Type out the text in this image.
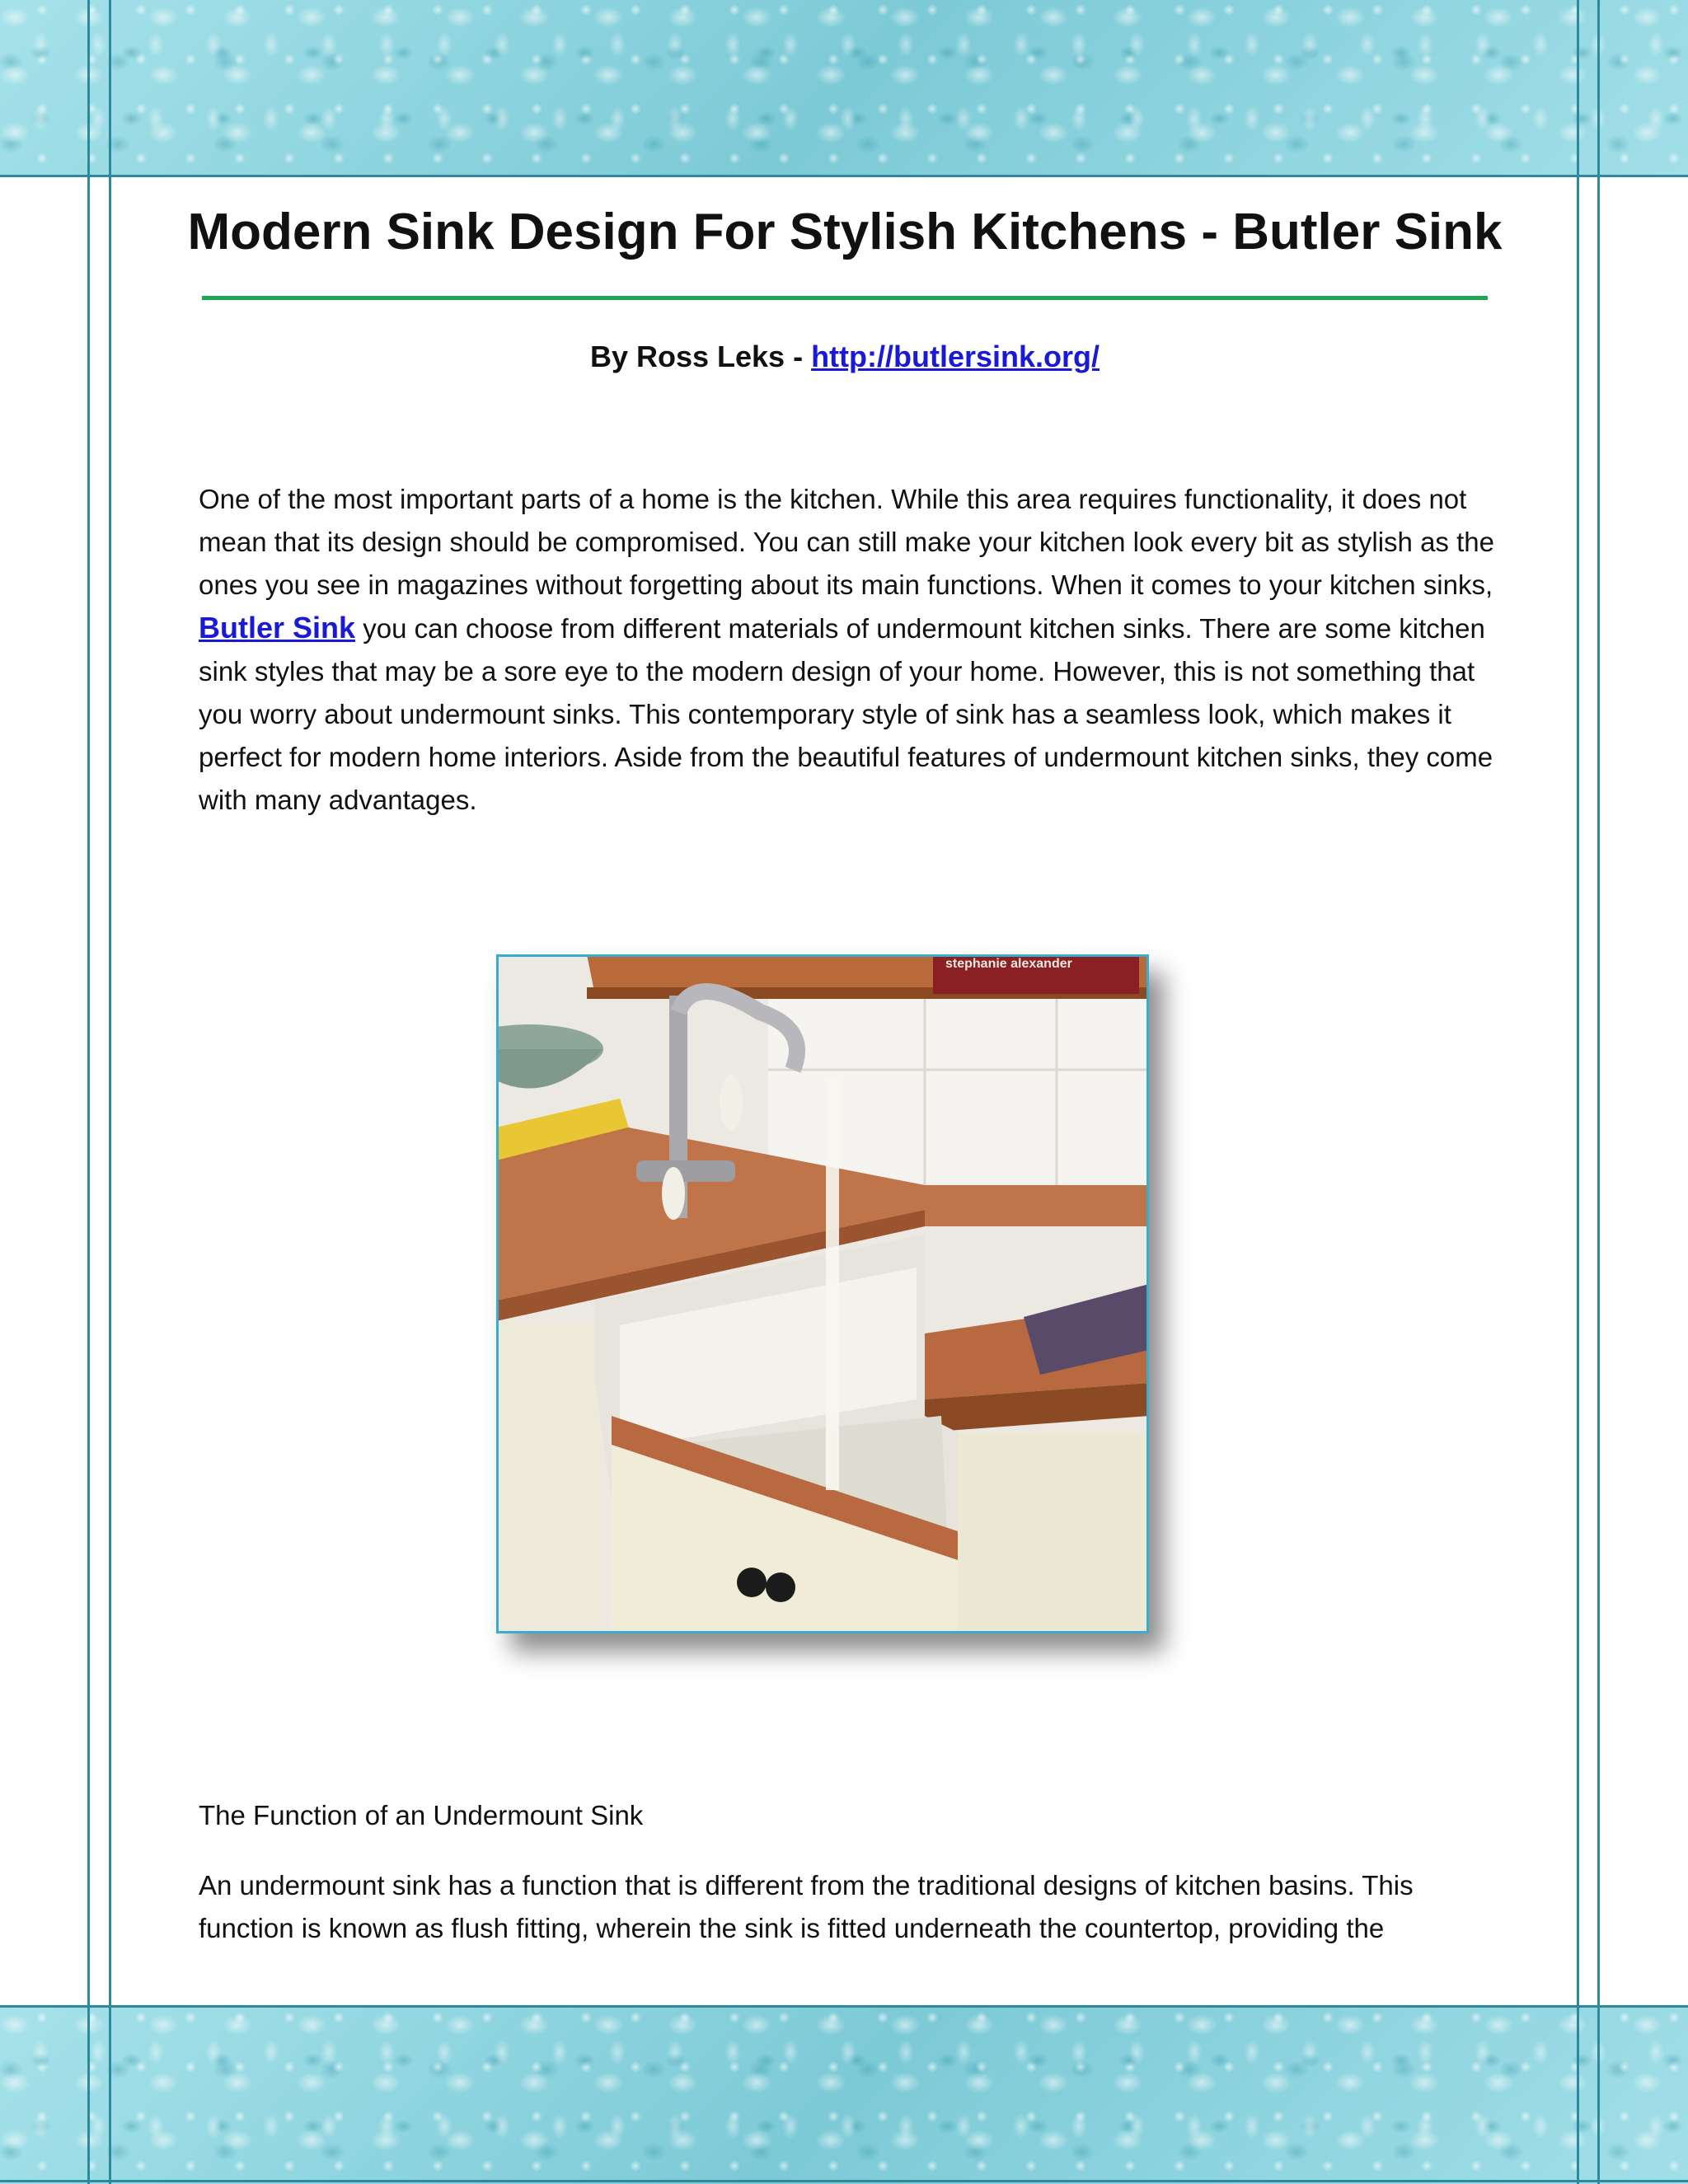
Modern Sink Design For Stylish Kitchens - Butler Sink
By Ross Leks - http://butlersink.org/
One of the most important parts of a home is the kitchen. While this area requires functionality, it does not mean that its design should be compromised. You can still make your kitchen look every bit as stylish as the ones you see in magazines without forgetting about its main functions. When it comes to your kitchen sinks,  Butler Sink you can choose from different materials of undermount kitchen sinks. There are some kitchen sink styles that may be a sore eye to the modern design of your home. However, this is not something that you worry about undermount sinks. This contemporary style of sink has a seamless look, which makes it perfect for modern home interiors. Aside from the beautiful features of undermount kitchen sinks, they come with many advantages.
stephanie alexander
The Function of an Undermount Sink
An undermount sink has a function that is different from the traditional designs of kitchen basins. This function is known as flush fitting, wherein the sink is fitted underneath the countertop, providing the
